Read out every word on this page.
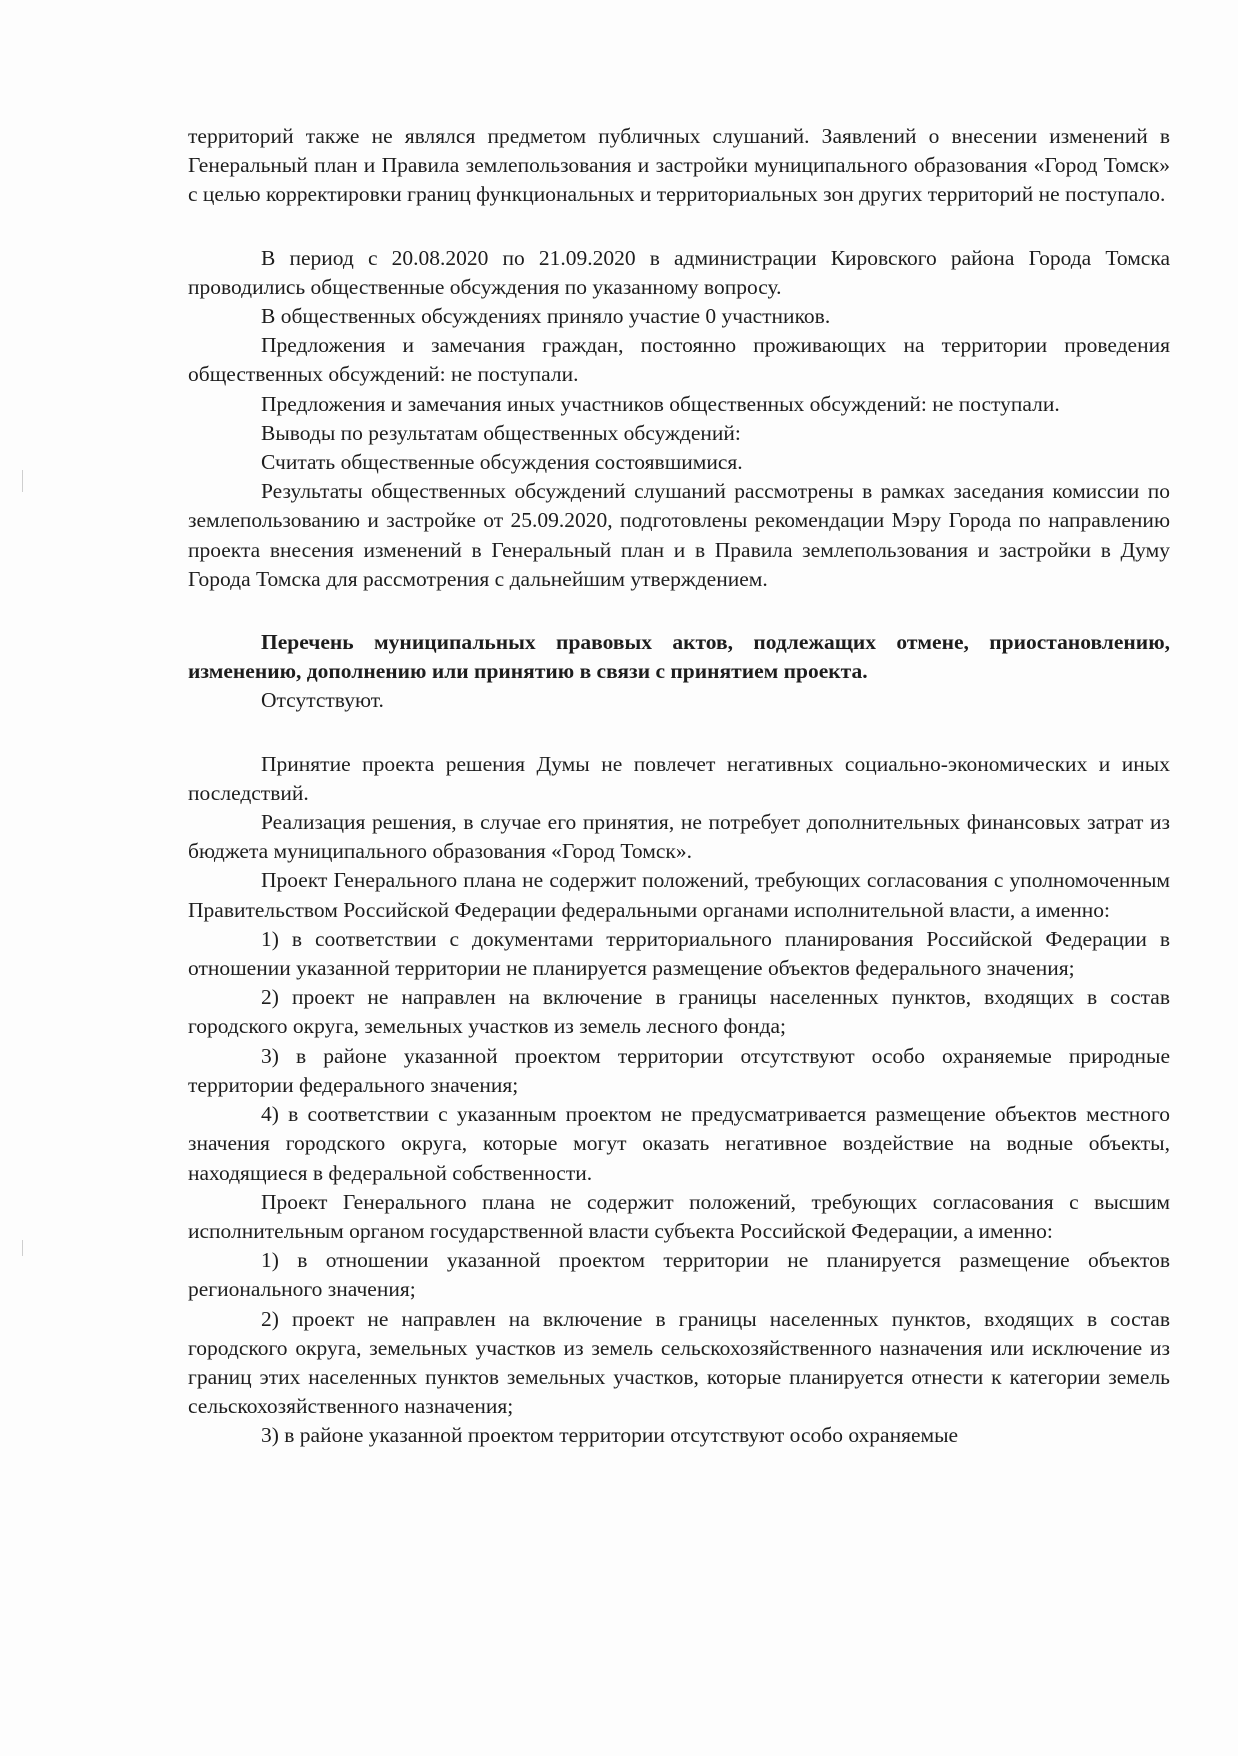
территорий также не являлся предметом публичных слушаний. Заявлений о внесении изменений в Генеральный план и Правила землепользования и застройки муниципального образования «Город Томск» с целью корректировки границ функциональных и территориальных зон других территорий не поступало.

В период с 20.08.2020 по 21.09.2020 в администрации Кировского района Города Томска проводились общественные обсуждения по указанному вопросу.

В общественных обсуждениях приняло участие 0 участников.

Предложения и замечания граждан, постоянно проживающих на территории проведения общественных обсуждений: не поступали.

Предложения и замечания иных участников общественных обсуждений: не поступали.

Выводы по результатам общественных обсуждений:

Считать общественные обсуждения состоявшимися.

Результаты общественных обсуждений слушаний рассмотрены в рамках заседания комиссии по землепользованию и застройке от 25.09.2020, подготовлены рекомендации Мэру Города по направлению проекта внесения изменений в Генеральный план и в Правила землепользования и застройки в Думу Города Томска для рассмотрения с дальнейшим утверждением.

Перечень муниципальных правовых актов, подлежащих отмене, приостановлению, изменению, дополнению или принятию в связи с принятием проекта.

Отсутствуют.

Принятие проекта решения Думы не повлечет негативных социально-экономических и иных последствий.

Реализация решения, в случае его принятия, не потребует дополнительных финансовых затрат из бюджета муниципального образования «Город Томск».

Проект Генерального плана не содержит положений, требующих согласования с уполномоченным Правительством Российской Федерации федеральными органами исполнительной власти, а именно:

1) в соответствии с документами территориального планирования Российской Федерации в отношении указанной территории не планируется размещение объектов федерального значения;

2) проект не направлен на включение в границы населенных пунктов, входящих в состав городского округа, земельных участков из земель лесного фонда;

3) в районе указанной проектом территории отсутствуют особо охраняемые природные территории федерального значения;

4) в соответствии с указанным проектом не предусматривается размещение объектов местного значения городского округа, которые могут оказать негативное воздействие на водные объекты, находящиеся в федеральной собственности.

Проект Генерального плана не содержит положений, требующих согласования с высшим исполнительным органом государственной власти субъекта Российской Федерации, а именно:

1) в отношении указанной проектом территории не планируется размещение объектов регионального значения;

2) проект не направлен на включение в границы населенных пунктов, входящих в состав городского округа, земельных участков из земель сельскохозяйственного назначения или исключение из границ этих населенных пунктов земельных участков, которые планируется отнести к категории земель сельскохозяйственного назначения;

3) в районе указанной проектом территории отсутствуют особо охраняемые
